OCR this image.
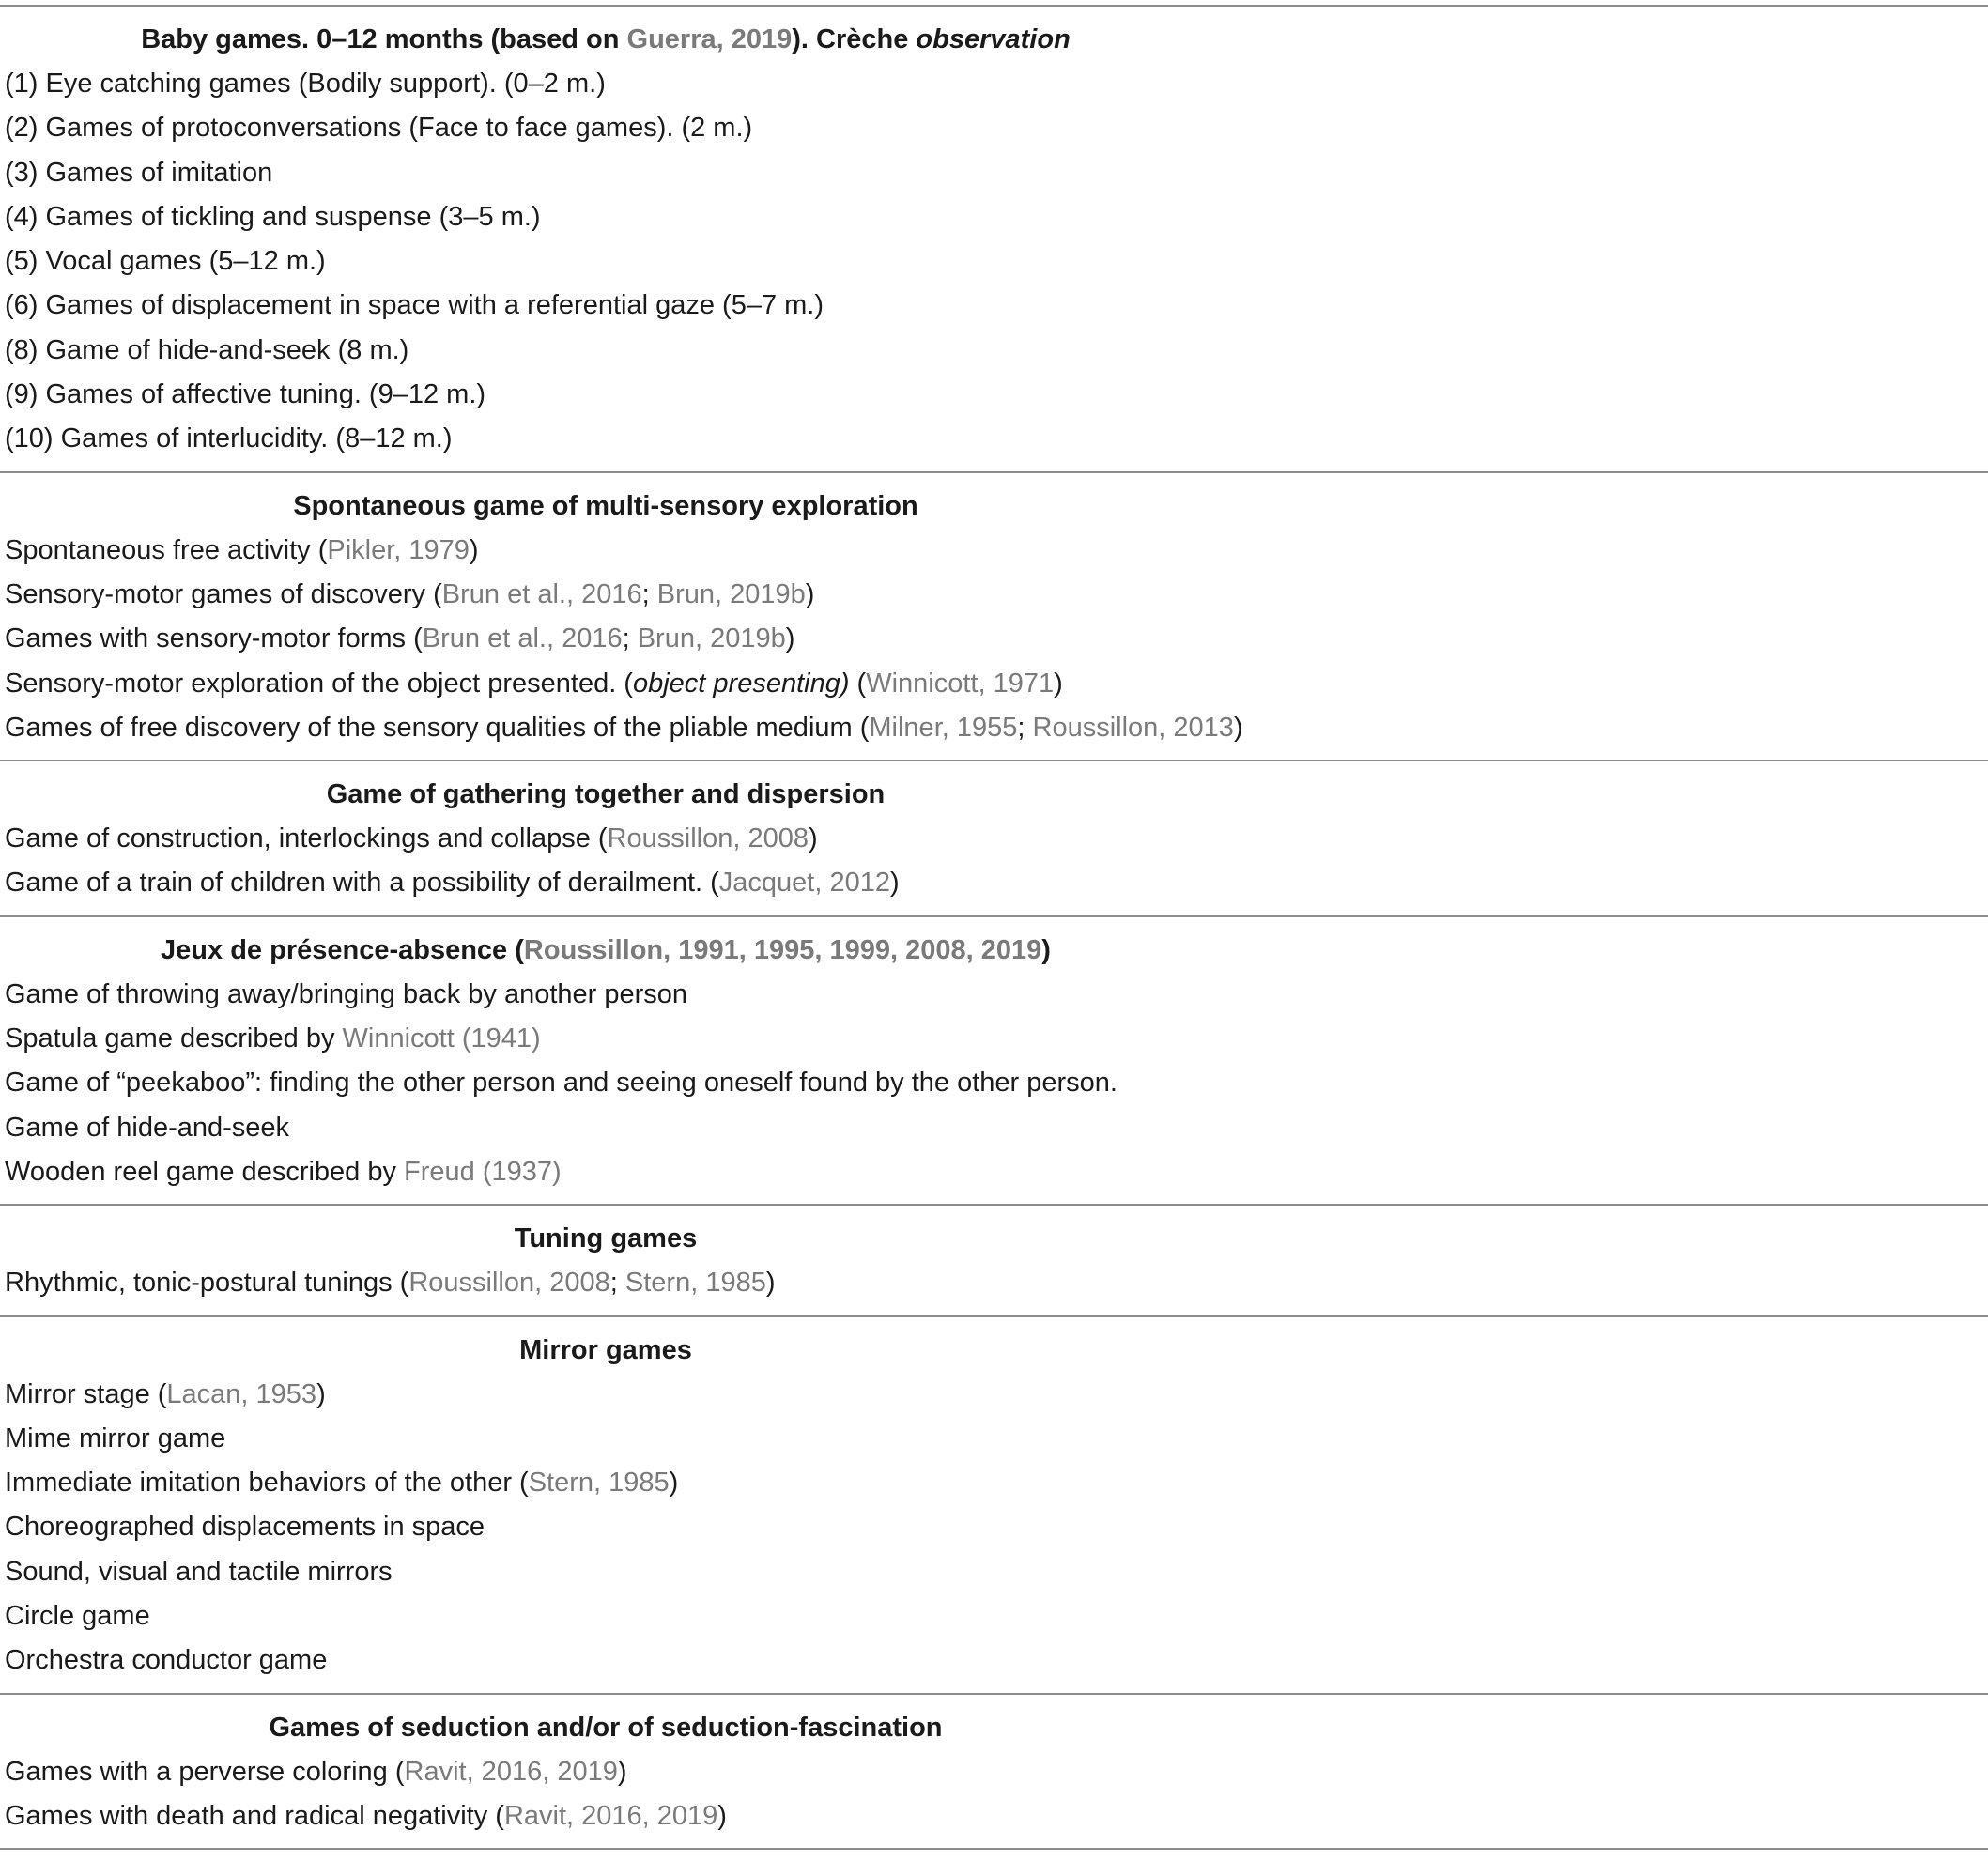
Baby games. 0–12 months (based on Guerra, 2019). Crèche observation
(1) Eye catching games (Bodily support). (0–2 m.)
(2) Games of protoconversations (Face to face games). (2 m.)
(3) Games of imitation
(4) Games of tickling and suspense (3–5 m.)
(5) Vocal games (5–12 m.)
(6) Games of displacement in space with a referential gaze (5–7 m.)
(8) Game of hide-and-seek (8 m.)
(9) Games of affective tuning. (9–12 m.)
(10) Games of interlucidity. (8–12 m.)
Spontaneous game of multi-sensory exploration
Spontaneous free activity (Pikler, 1979)
Sensory-motor games of discovery (Brun et al., 2016; Brun, 2019b)
Games with sensory-motor forms (Brun et al., 2016; Brun, 2019b)
Sensory-motor exploration of the object presented. (object presenting) (Winnicott, 1971)
Games of free discovery of the sensory qualities of the pliable medium (Milner, 1955; Roussillon, 2013)
Game of gathering together and dispersion
Game of construction, interlockings and collapse (Roussillon, 2008)
Game of a train of children with a possibility of derailment. (Jacquet, 2012)
Jeux de présence-absence (Roussillon, 1991, 1995, 1999, 2008, 2019)
Game of throwing away/bringing back by another person
Spatula game described by Winnicott (1941)
Game of “peekaboo”: finding the other person and seeing oneself found by the other person.
Game of hide-and-seek
Wooden reel game described by Freud (1937)
Tuning games
Rhythmic, tonic-postural tunings (Roussillon, 2008; Stern, 1985)
Mirror games
Mirror stage (Lacan, 1953)
Mime mirror game
Immediate imitation behaviors of the other (Stern, 1985)
Choreographed displacements in space
Sound, visual and tactile mirrors
Circle game
Orchestra conductor game
Games of seduction and/or of seduction-fascination
Games with a perverse coloring (Ravit, 2016, 2019)
Games with death and radical negativity (Ravit, 2016, 2019)
